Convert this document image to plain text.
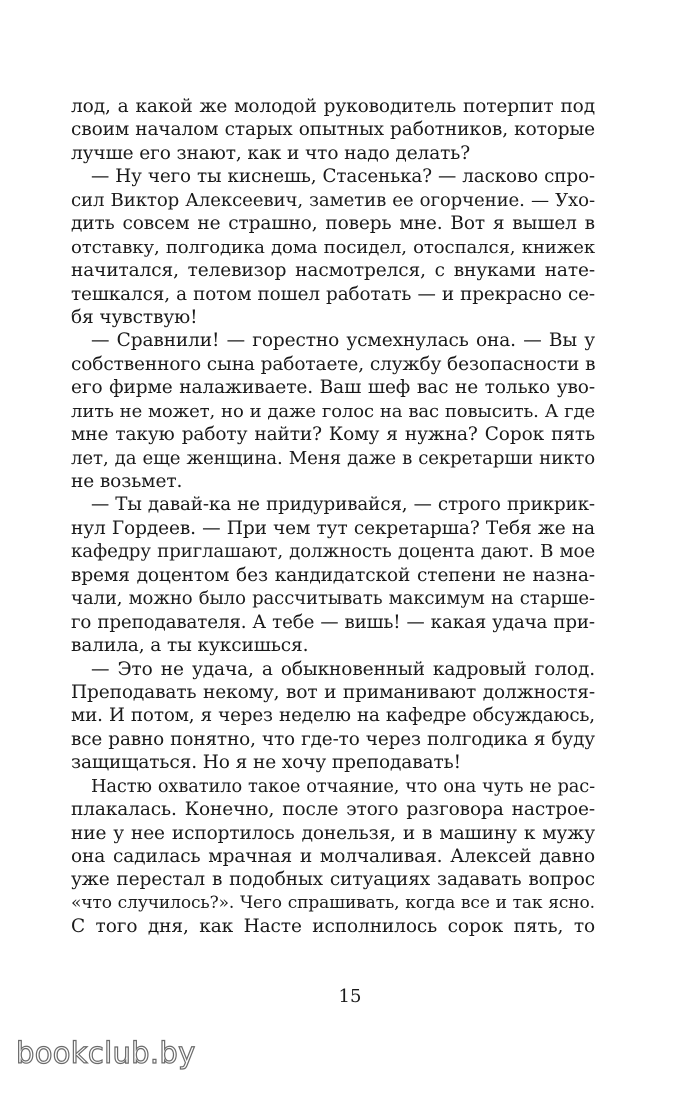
лод, а какой же молодой руководитель потерпит под
своим началом старых опытных работников, которые
лучше его знают, как и что надо делать?
— Ну чего ты киснешь, Стасенька? — ласково спро-
сил Виктор Алексеевич, заметив ее огорчение. — Ухо-
дить совсем не страшно, поверь мне. Вот я вышел в
отставку, полгодика дома посидел, отоспался, книжек
начитался, телевизор насмотрелся, с внуками нате-
тешкался, а потом пошел работать — и прекрасно се-
бя чувствую!
— Сравнили! — горестно усмехнулась она. — Вы у
собственного сына работаете, службу безопасности в
его фирме налаживаете. Ваш шеф вас не только уво-
лить не может, но и даже голос на вас повысить. А где
мне такую работу найти? Кому я нужна? Сорок пять
лет, да еще женщина. Меня даже в секретарши никто
не возьмет.
— Ты давай-ка не придуривайся, — строго прикрик-
нул Гордеев. — При чем тут секретарша? Тебя же на
кафедру приглашают, должность доцента дают. В мое
время доцентом без кандидатской степени не назна-
чали, можно было рассчитывать максимум на старше-
го преподавателя. А тебе — вишь! — какая удача при-
валила, а ты куксишься.
— Это не удача, а обыкновенный кадровый голод.
Преподавать некому, вот и приманивают должностя-
ми. И потом, я через неделю на кафедре обсуждаюсь,
все равно понятно, что где-то через полгодика я буду
защищаться. Но я не хочу преподавать!
Настю охватило такое отчаяние, что она чуть не рас-
плакалась. Конечно, после этого разговора настрое-
ние у нее испортилось донельзя, и в машину к мужу
она садилась мрачная и молчаливая. Алексей давно
уже перестал в подобных ситуациях задавать вопрос
«что случилось?». Чего спрашивать, когда все и так ясно.
С того дня, как Насте исполнилось сорок пять, то
15
bookclub.by
